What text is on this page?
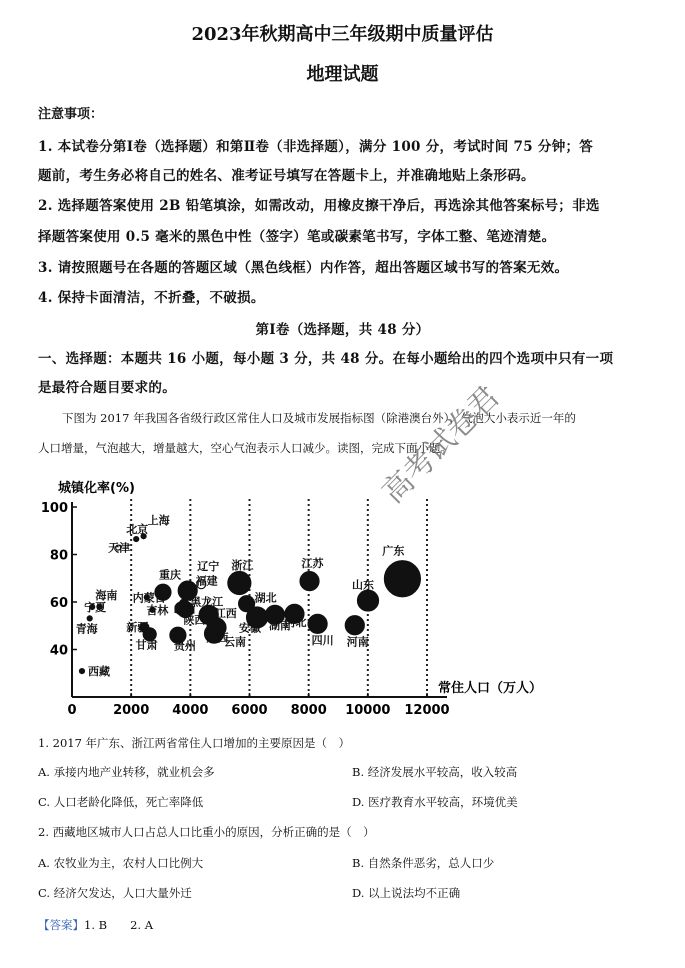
2023年秋期高中三年级期中质量评估
地理试题
注意事项：
1. 本试卷分第Ⅰ卷（选择题）和第Ⅱ卷（非选择题），满分 100 分，考试时间 75 分钟；答
题前，考生务必将自己的姓名、准考证号填写在答题卡上，并准确地贴上条形码。
2. 选择题答案使用 2B 铅笔填涂，如需改动，用橡皮擦干净后，再选涂其他答案标号；非选
择题答案使用 0.5 毫米的黑色中性（签字）笔或碳素笔书写，字体工整、笔迹清楚。
3. 请按照题号在各题的答题区域（黑色线框）内作答，超出答题区域书写的答案无效。
4. 保持卡面清洁，不折叠，不破损。
第Ⅰ卷（选择题，共 48 分）
一、选择题：本题共 16 小题，每小题 3 分，共 48 分。在每小题给出的四个选项中只有一项
是最符合题目要求的。
下图为 2017 年我国各省级行政区常住人口及城市发展指标图（除港澳台外），气泡大小表示近一年的
人口增量，气泡越大，增量越大，空心气泡表示人口减少。读图，完成下面小题。
高考试卷君
0	2000 4000 6000 8000 10000 12000
40
60
80
100
城镇化率(%)
常住人口（万人）
北京
上海
天津
重庆
辽宁 浙江	江苏
广东
山东
宁夏
海南 内蒙古
吉林
陕西
山西
黑龙江
福建
湖北
江西
河北
安徽 湖南
四川 河南
广西
云南
贵州
甘肃
青海	新疆
西藏
1. 2017 年广东、浙江两省常住人口增加的主要原因是（　）
A. 承接内地产业转移，就业机会多	B. 经济发展水平较高，收入较高
C. 人口老龄化降低，死亡率降低	D. 医疗教育水平较高，环境优美
2. 西藏地区城市人口占总人口比重小的原因，分析正确的是（　）
A. 农牧业为主，农村人口比例大	B. 自然条件恶劣，总人口少
C. 经济欠发达，人口大量外迁	D. 以上说法均不正确
【答案】1. B　　2. A
